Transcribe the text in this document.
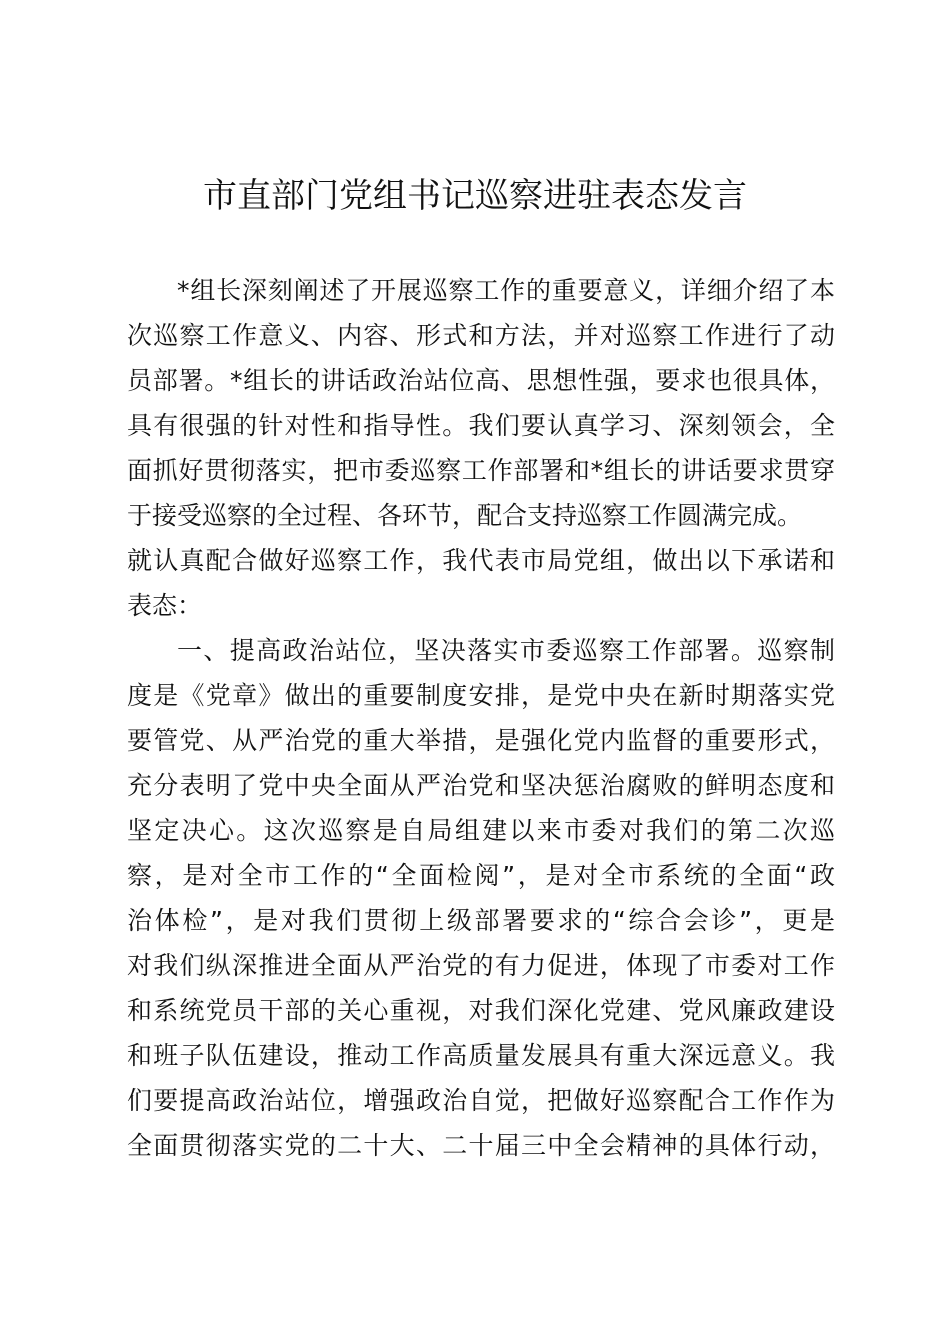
市直部门党组书记巡察进驻表态发言
*组长深刻阐述了开展巡察工作的重要意义，详细介绍了本
次巡察工作意义、内容、形式和方法，并对巡察工作进行了动
员部署。*组长的讲话政治站位高、思想性强，要求也很具体，
具有很强的针对性和指导性。我们要认真学习、深刻领会，全
面抓好贯彻落实，把市委巡察工作部署和*组长的讲话要求贯穿
于接受巡察的全过程、各环节，配合支持巡察工作圆满完成。
就认真配合做好巡察工作，我代表市局党组，做出以下承诺和
表态：
一、提高政治站位，坚决落实市委巡察工作部署。巡察制
度是《党章》做出的重要制度安排，是党中央在新时期落实党
要管党、从严治党的重大举措，是强化党内监督的重要形式，
充分表明了党中央全面从严治党和坚决惩治腐败的鲜明态度和
坚定决心。这次巡察是自局组建以来市委对我们的第二次巡
察，是对全市工作的“全面检阅”，是对全市系统的全面“政
治体检”，是对我们贯彻上级部署要求的“综合会诊”，更是
对我们纵深推进全面从严治党的有力促进，体现了市委对工作
和系统党员干部的关心重视，对我们深化党建、党风廉政建设
和班子队伍建设，推动工作高质量发展具有重大深远意义。我
们要提高政治站位，增强政治自觉，把做好巡察配合工作作为
全面贯彻落实党的二十大、二十届三中全会精神的具体行动，
